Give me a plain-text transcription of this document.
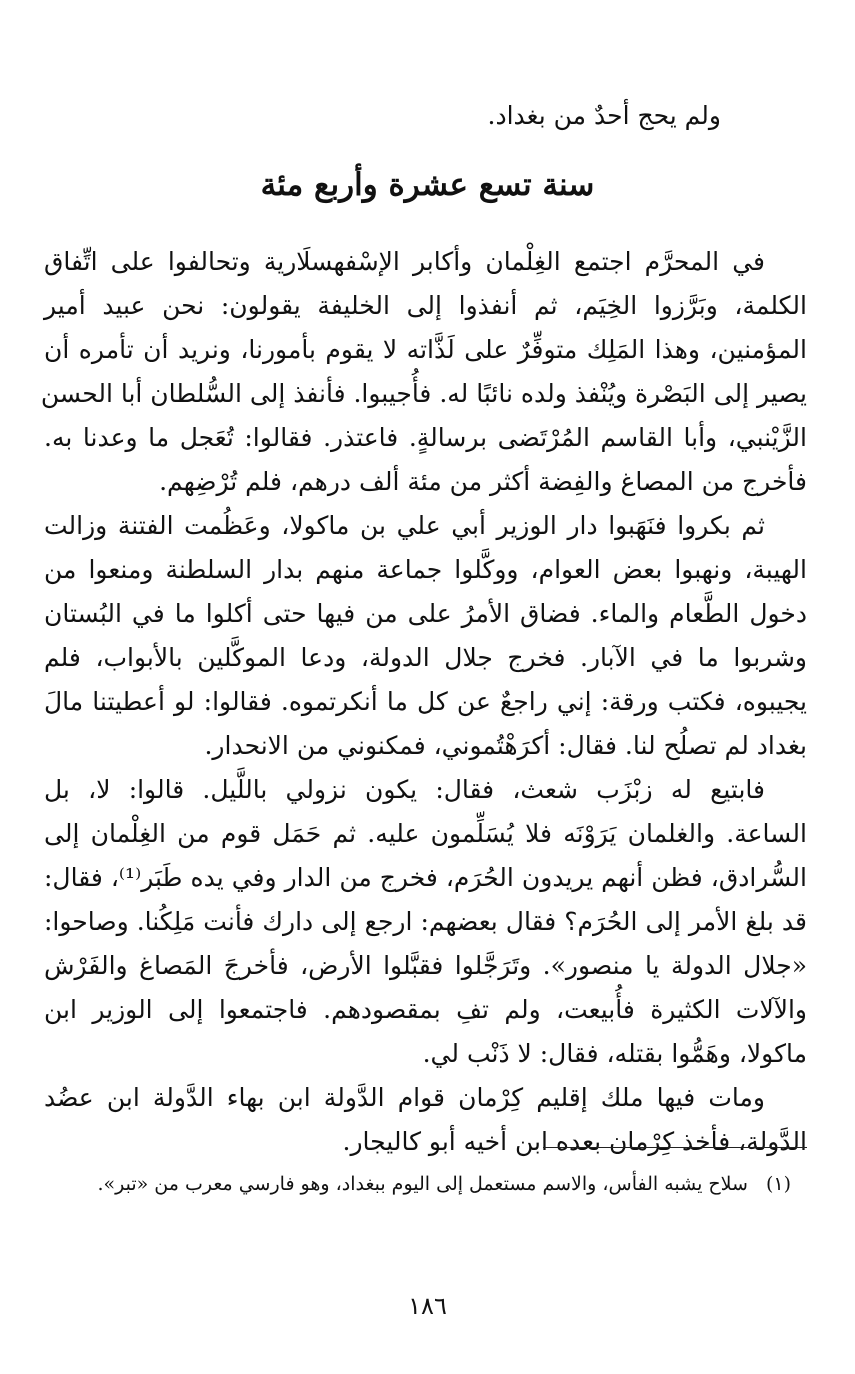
ولم يحج أحدٌ من بغداد.
سنة تسع عشرة وأربع مئة
في المحرَّم اجتمع الغِلْمان وأكابر الإسْفهسلَارية وتحالفوا على اتِّفاق
الكلمة، وبَرَّزوا الخِيَم، ثم أنفذوا إلى الخليفة يقولون: نحن عبيد أمير
المؤمنين، وهذا المَلِك متوفِّرٌ على لَذَّاته لا يقوم بأمورنا، ونريد أن تأمره أن
يصير إلى البَصْرة ويُنْفذ ولده نائبًا له. فأُجيبوا. فأنفذ إلى السُّلطان أبا الحسن
الزَّيْنبي، وأبا القاسم المُرْتَضى برسالةٍ. فاعتذر. فقالوا: تُعَجل ما وعدنا به.
فأخرج من المصاغ والفِضة أكثر من مئة ألف درهم، فلم تُرْضِهم.
ثم بكروا فنَهَبوا دار الوزير أبي علي بن ماكولا، وعَظُمت الفتنة وزالت
الهيبة، ونهبوا بعض العوام، ووكَّلوا جماعة منهم بدار السلطنة ومنعوا من
دخول الطَّعام والماء. فضاق الأمرُ على من فيها حتى أكلوا ما في البُستان
وشربوا ما في الآبار. فخرج جلال الدولة، ودعا الموكَّلين بالأبواب، فلم
يجيبوه، فكتب ورقة: إني راجعٌ عن كل ما أنكرتموه. فقالوا: لو أعطيتنا مالَ
بغداد لم تصلُح لنا. فقال: أكرَهْتُموني، فمكنوني من الانحدار.
فابتيع له زبْزَب شعث، فقال: يكون نزولي باللَّيل. قالوا: لا، بل
الساعة. والغلمان يَرَوْنَه فلا يُسَلِّمون عليه. ثم حَمَل قوم من الغِلْمان إلى
السُّرادق، فظن أنهم يريدون الحُرَم، فخرج من الدار وفي يده طَبَر⁽¹⁾، فقال:
قد بلغ الأمر إلى الحُرَم؟ فقال بعضهم: ارجع إلى دارك فأنت مَلِكُنا. وصاحوا:
«جلال الدولة يا منصور». وتَرَجَّلوا فقبَّلوا الأرض، فأخرجَ المَصاغ والفَرْش
والآلات الكثيرة فأُبيعت، ولم تفِ بمقصودهم. فاجتمعوا إلى الوزير ابن
ماكولا، وهَمُّوا بقتله، فقال: لا ذَنْب لي.
ومات فيها ملك إقليم كِرْمان قوام الدَّولة ابن بهاء الدَّولة ابن عضُد
الدَّولة، فأخذ كِرْمان بعده ابن أخيه أبو كاليجار.
(١)سلاح يشبه الفأس، والاسم مستعمل إلى اليوم ببغداد، وهو فارسي معرب من «تبر».
١٨٦
